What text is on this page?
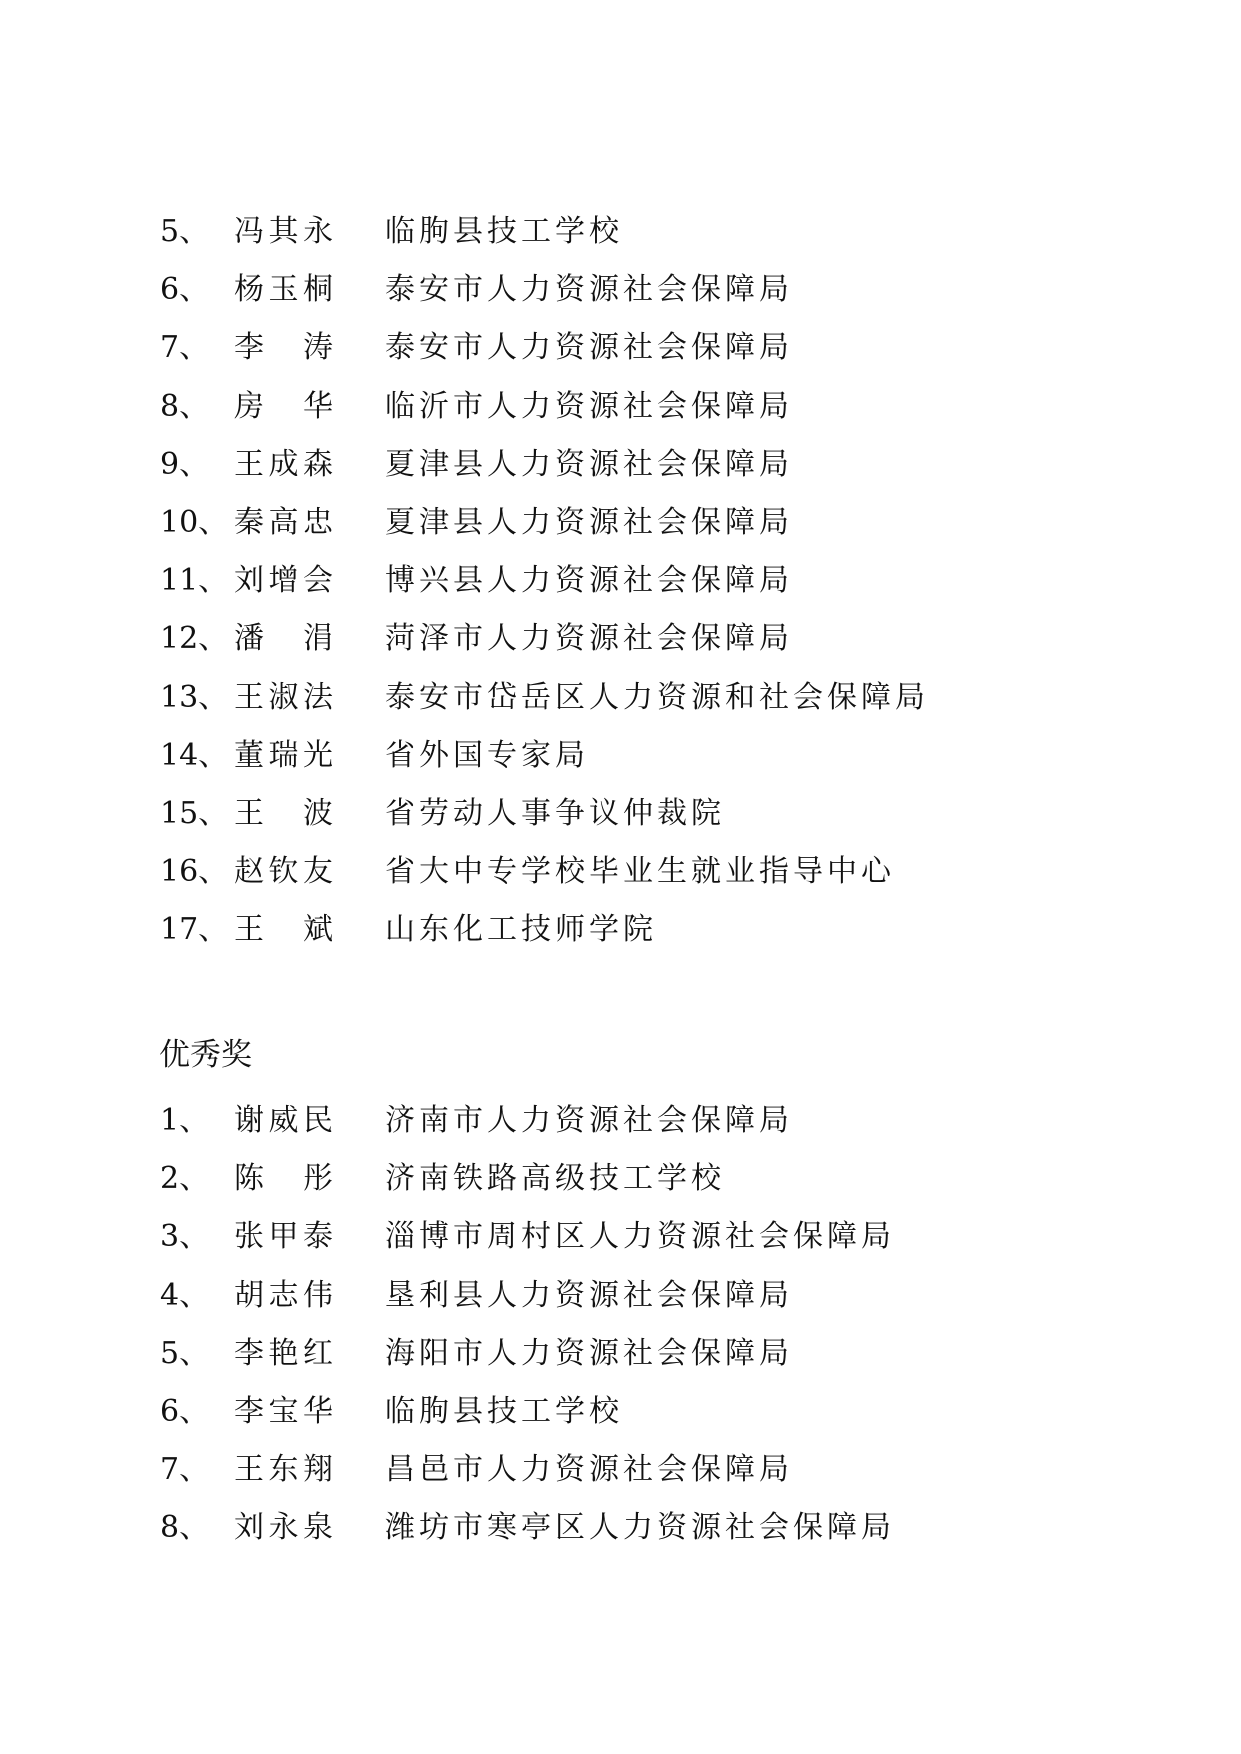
5、 冯其永 临朐县技工学校
6、 杨玉桐 泰安市人力资源社会保障局
7、 李涛 泰安市人力资源社会保障局
8、 房华 临沂市人力资源社会保障局
9、 王成森 夏津县人力资源社会保障局
10、 秦高忠 夏津县人力资源社会保障局
11、 刘增会 博兴县人力资源社会保障局
12、 潘涓 菏泽市人力资源社会保障局
13、 王淑法 泰安市岱岳区人力资源和社会保障局
14、 董瑞光 省外国专家局
15、 王波 省劳动人事争议仲裁院
16、 赵钦友 省大中专学校毕业生就业指导中心
17、 王斌 山东化工技师学院
优秀奖
1、 谢威民 济南市人力资源社会保障局
2、 陈彤 济南铁路高级技工学校
3、 张甲泰 淄博市周村区人力资源社会保障局
4、 胡志伟 垦利县人力资源社会保障局
5、 李艳红 海阳市人力资源社会保障局
6、 李宝华 临朐县技工学校
7、 王东翔 昌邑市人力资源社会保障局
8、 刘永泉 潍坊市寒亭区人力资源社会保障局
